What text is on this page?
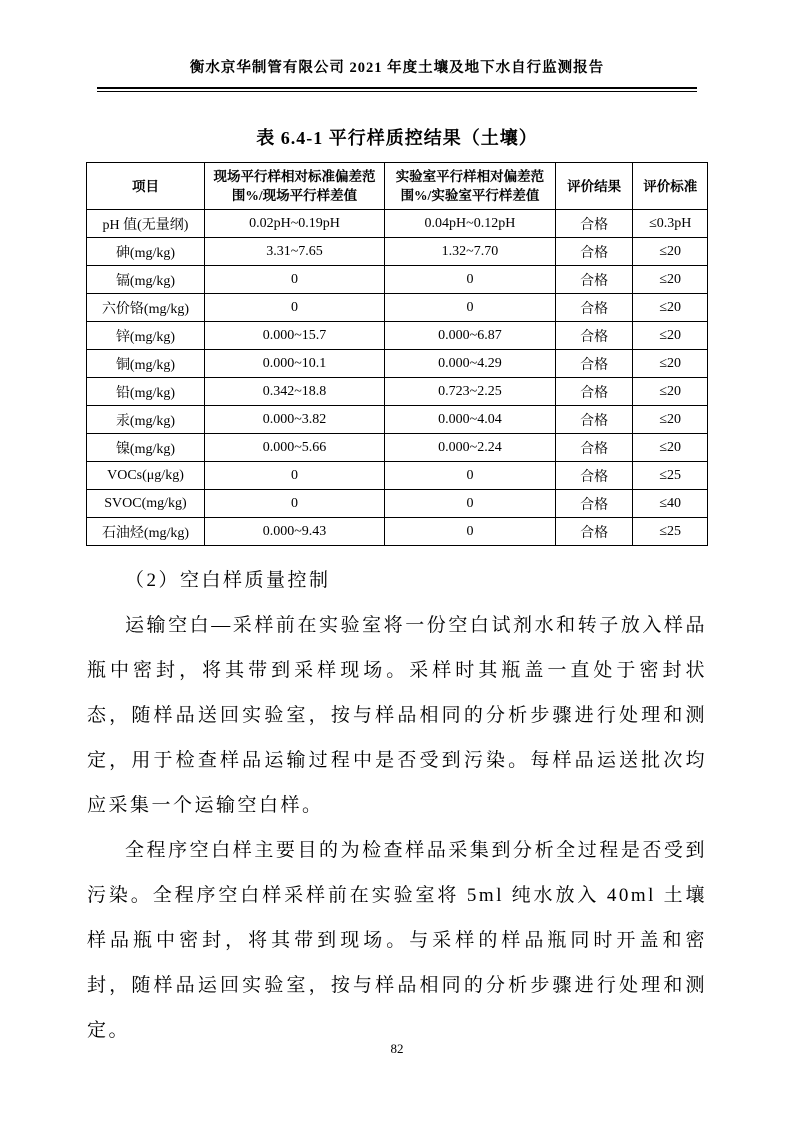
衡水京华制管有限公司 2021 年度土壤及地下水自行监测报告
表 6.4-1 平行样质控结果（土壤）
项目	现场平行样相对标准偏差范围%/现场平行样差值	实验室平行样相对偏差范围%/实验室平行样差值	评价结果	评价标准
pH 值(无量纲)	0.02pH~0.19pH	0.04pH~0.12pH	合格	≤0.3pH
砷(mg/kg)	3.31~7.65	1.32~7.70	合格	≤20
镉(mg/kg)	0	0	合格	≤20
六价铬(mg/kg)	0	0	合格	≤20
锌(mg/kg)	0.000~15.7	0.000~6.87	合格	≤20
铜(mg/kg)	0.000~10.1	0.000~4.29	合格	≤20
铅(mg/kg)	0.342~18.8	0.723~2.25	合格	≤20
汞(mg/kg)	0.000~3.82	0.000~4.04	合格	≤20
镍(mg/kg)	0.000~5.66	0.000~2.24	合格	≤20
VOCs(μg/kg)	0	0	合格	≤25
SVOC(mg/kg)	0	0	合格	≤40
石油烃(mg/kg)	0.000~9.43	0	合格	≤25

（2）空白样质量控制

运输空白—采样前在实验室将一份空白试剂水和转子放入样品瓶中密封，将其带到采样现场。采样时其瓶盖一直处于密封状态，随样品送回实验室，按与样品相同的分析步骤进行处理和测定，用于检查样品运输过程中是否受到污染。每样品运送批次均应采集一个运输空白样。

全程序空白样主要目的为检查样品采集到分析全过程是否受到污染。全程序空白样采样前在实验室将 5ml 纯水放入 40ml 土壤样品瓶中密封，将其带到现场。与采样的样品瓶同时开盖和密封，随样品运回实验室，按与样品相同的分析步骤进行处理和测定。

82
